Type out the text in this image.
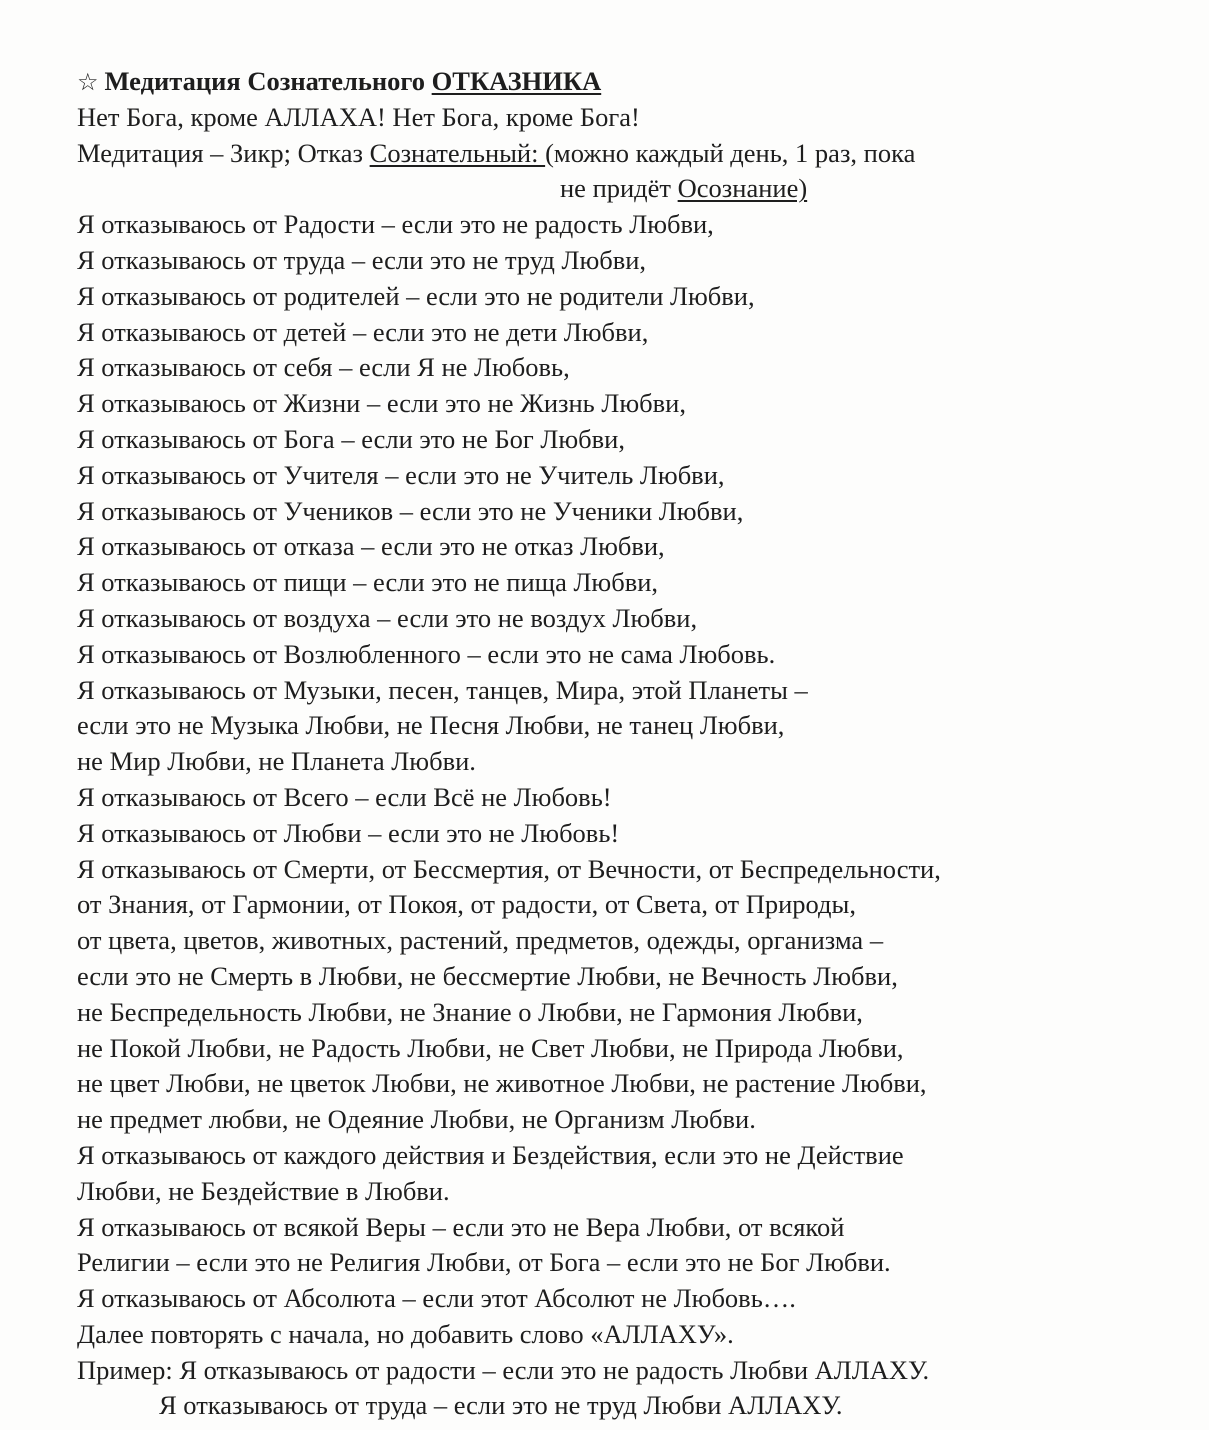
☆ Медитация Сознательного ОТКАЗНИКА
Нет Бога, кроме АЛЛАХА! Нет Бога, кроме Бога!
Медитация – Зикр; Отказ Сознательный: (можно каждый день, 1 раз, пока
не придёт Осознание)
Я отказываюсь от Радости – если это не радость Любви,
Я отказываюсь от труда – если это не труд Любви,
Я отказываюсь от родителей – если это не родители Любви,
Я отказываюсь от детей – если это не дети Любви,
Я отказываюсь от себя – если Я не Любовь,
Я отказываюсь от Жизни – если это не Жизнь Любви,
Я отказываюсь от Бога – если это не Бог Любви,
Я отказываюсь от Учителя – если это не Учитель Любви,
Я отказываюсь от Учеников – если это не Ученики Любви,
Я отказываюсь от отказа – если это не отказ Любви,
Я отказываюсь от пищи – если это не пища Любви,
Я отказываюсь от воздуха – если это не воздух Любви,
Я отказываюсь от Возлюбленного – если это не сама Любовь.
Я отказываюсь от Музыки, песен, танцев, Мира, этой Планеты –
если это не Музыка Любви, не Песня Любви, не танец Любви,
не Мир Любви, не Планета Любви.
Я отказываюсь от Всего – если Всё не Любовь!
Я отказываюсь от Любви – если это не Любовь!
Я отказываюсь от Смерти, от Бессмертия, от Вечности, от Беспредельности,
от Знания, от Гармонии, от Покоя, от радости, от Света, от Природы,
от цвета, цветов, животных, растений, предметов, одежды, организма –
если это не Смерть в Любви, не бессмертие Любви, не Вечность Любви,
не Беспредельность Любви, не Знание о Любви, не Гармония Любви,
не Покой Любви, не Радость Любви, не Свет Любви, не Природа Любви,
не цвет Любви, не цветок Любви, не животное Любви, не растение Любви,
не предмет любви, не Одеяние Любви, не Организм Любви.
Я отказываюсь от каждого действия и Бездействия, если это не Действие
Любви, не Бездействие в Любви.
Я отказываюсь от всякой Веры – если это не Вера Любви, от всякой
Религии – если это не Религия Любви, от Бога – если это не Бог Любви.
Я отказываюсь от Абсолюта – если этот Абсолют не Любовь….
Далее повторять с начала, но добавить слово «АЛЛАХУ».
Пример: Я отказываюсь от радости – если это не радость Любви АЛЛАХУ.
Я отказываюсь от труда – если это не труд Любви АЛЛАХУ.
